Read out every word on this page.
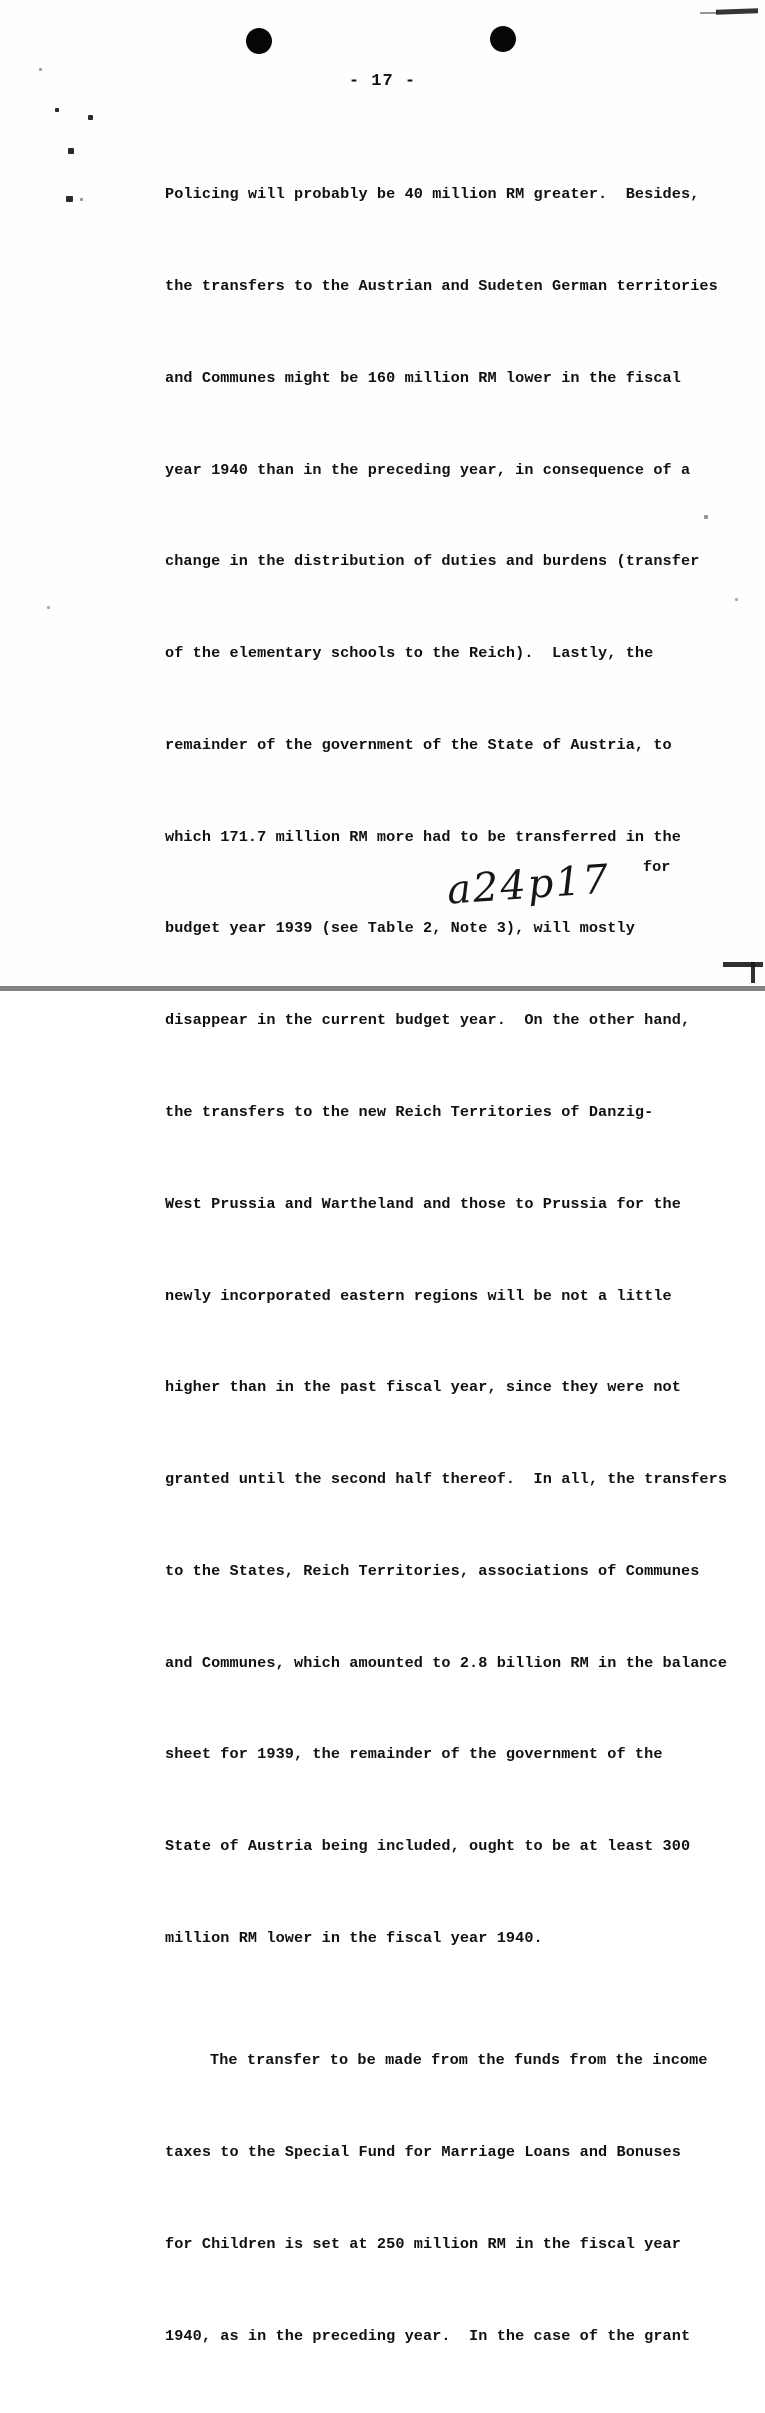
- 17 -

Policing will probably be 40 million RM greater.  Besides,

the transfers to the Austrian and Sudeten German territories

and Communes might be 160 million RM lower in the fiscal

year 1940 than in the preceding year, in consequence of a

change in the distribution of duties and burdens (transfer

of the elementary schools to the Reich).  Lastly, the

remainder of the government of the State of Austria, to

which 171.7 million RM more had to be transferred in the

budget year 1939 (see Table 2, Note 3), will mostly

disappear in the current budget year.  On the other hand,

the transfers to the new Reich Territories of Danzig-

West Prussia and Wartheland and those to Prussia for the

newly incorporated eastern regions will be not a little

higher than in the past fiscal year, since they were not

granted until the second half thereof.  In all, the transfers

to the States, Reich Territories, associations of Communes

and Communes, which amounted to 2.8 billion RM in the balance

sheet for 1939, the remainder of the government of the

State of Austria being included, ought to be at least 300

million RM lower in the fiscal year 1940.

The transfer to be made from the funds from the income

taxes to the Special Fund for Marriage Loans and Bonuses

for Children is set at 250 million RM in the fiscal year

1940, as in the preceding year.  In the case of the grant

for
a24p17
